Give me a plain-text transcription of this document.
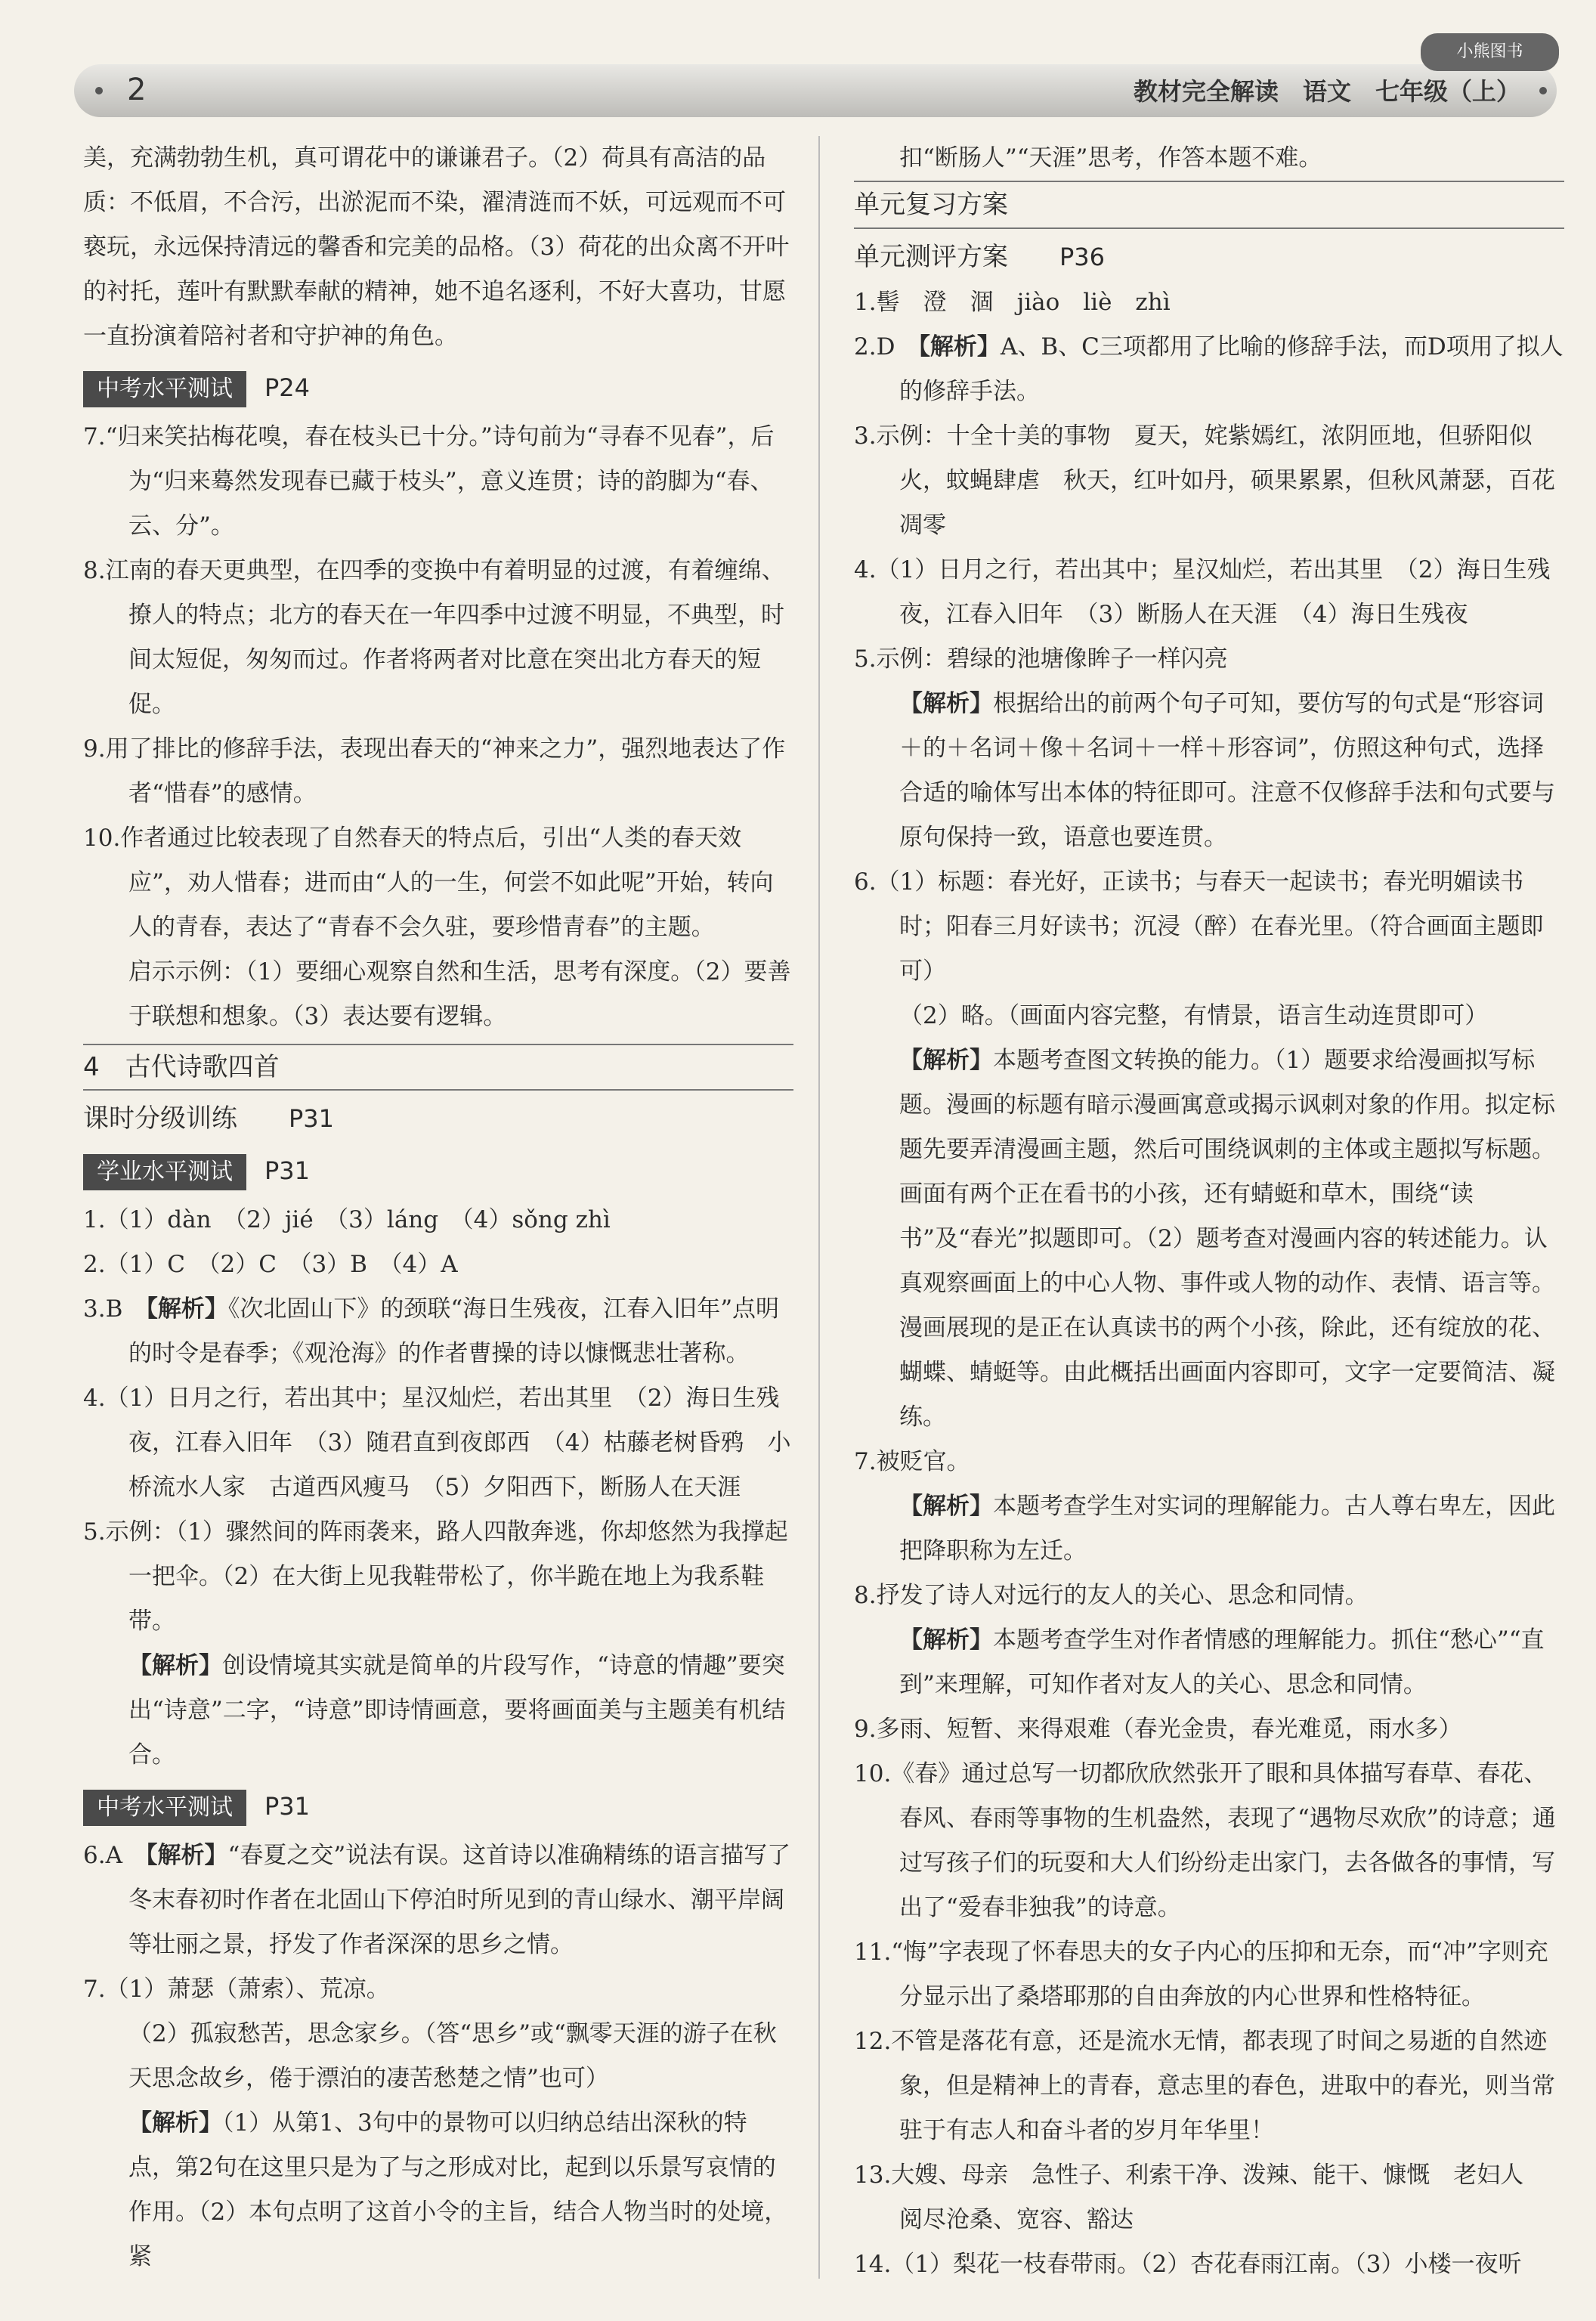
2	教材完全解读　语文　七年级（上）
小熊图书

美，充满勃勃生机，真可谓花中的谦谦君子。（2）荷具有高洁的品质：不低眉，不合污，出淤泥而不染，濯清涟而不妖，可远观而不可亵玩，永远保持清远的馨香和完美的品格。（3）荷花的出众离不开叶的衬托，莲叶有默默奉献的精神，她不追名逐利，不好大喜功，甘愿一直扮演着陪衬者和守护神的角色。

中考水平测试 P24

7.“归来笑拈梅花嗅，春在枝头已十分。”诗句前为“寻春不见春”，后为“归来蓦然发现春已藏于枝头”，意义连贯；诗的韵脚为“春、云、分”。

8.江南的春天更典型，在四季的变换中有着明显的过渡，有着缠绵、撩人的特点；北方的春天在一年四季中过渡不明显，不典型，时间太短促，匆匆而过。作者将两者对比意在突出北方春天的短促。

9.用了排比的修辞手法，表现出春天的“神来之力”，强烈地表达了作者“惜春”的感情。

10.作者通过比较表现了自然春天的特点后，引出“人类的春天效应”，劝人惜春；进而由“人的一生，何尝不如此呢”开始，转向人的青春，表达了“青春不会久驻，要珍惜青春”的主题。

启示示例：（1）要细心观察自然和生活，思考有深度。（2）要善于联想和想象。（3）表达要有逻辑。

4　古代诗歌四首
课时分级训练　　 P31
学业水平测试 P31

1.（1）dàn　（2）jié　（3）láng　（4）sǒng zhì

2.（1）C　（2）C　（3）B　（4）A

3.B　【解析】《次北固山下》的颈联“海日生残夜，江春入旧年”点明的时令是春季；《观沧海》的作者曹操的诗以慷慨悲壮著称。

4.（1）日月之行，若出其中；星汉灿烂，若出其里　（2）海日生残夜，江春入旧年　（3）随君直到夜郎西　（4）枯藤老树昏鸦　小桥流水人家　古道西风瘦马　（5）夕阳西下，断肠人在天涯

5.示例：（1）骤然间的阵雨袭来，路人四散奔逃，你却悠然为我撑起一把伞。（2）在大街上见我鞋带松了，你半跪在地上为我系鞋带。

【解析】创设情境其实就是简单的片段写作，“诗意的情趣”要突出“诗意”二字，“诗意”即诗情画意，要将画面美与主题美有机结合。

中考水平测试 P31

6.A　【解析】“春夏之交”说法有误。这首诗以准确精练的语言描写了冬末春初时作者在北固山下停泊时所见到的青山绿水、潮平岸阔等壮丽之景，抒发了作者深深的思乡之情。

7.（1）萧瑟（萧索）、荒凉。

（2）孤寂愁苦，思念家乡。（答“思乡”或“飘零天涯的游子在秋天思念故乡，倦于漂泊的凄苦愁楚之情”也可）

【解析】（1）从第1、3句中的景物可以归纳总结出深秋的特点，第2句在这里只是为了与之形成对比，起到以乐景写哀情的作用。（2）本句点明了这首小令的主旨，结合人物当时的处境，紧

扣“断肠人”“天涯”思考，作答本题不难。

单元复习方案
单元测评方案　　 P36

1.髻　澄　涸　jiào　liè　zhì

2.D　【解析】A、B、C三项都用了比喻的修辞手法，而D项用了拟人的修辞手法。

3.示例：十全十美的事物　夏天，姹紫嫣红，浓阴匝地，但骄阳似火，蚊蝇肆虐　秋天，红叶如丹，硕果累累，但秋风萧瑟，百花凋零

4.（1）日月之行，若出其中；星汉灿烂，若出其里　（2）海日生残夜，江春入旧年　（3）断肠人在天涯　（4）海日生残夜

5.示例：碧绿的池塘像眸子一样闪亮

【解析】根据给出的前两个句子可知，要仿写的句式是“形容词＋的＋名词＋像＋名词＋一样＋形容词”，仿照这种句式，选择合适的喻体写出本体的特征即可。注意不仅修辞手法和句式要与原句保持一致，语意也要连贯。

6.（1）标题：春光好，正读书；与春天一起读书；春光明媚读书时；阳春三月好读书；沉浸（醉）在春光里。（符合画面主题即可）

（2）略。（画面内容完整，有情景，语言生动连贯即可）

【解析】本题考查图文转换的能力。（1）题要求给漫画拟写标题。漫画的标题有暗示漫画寓意或揭示讽刺对象的作用。拟定标题先要弄清漫画主题，然后可围绕讽刺的主体或主题拟写标题。画面有两个正在看书的小孩，还有蜻蜓和草木，围绕“读书”及“春光”拟题即可。（2）题考查对漫画内容的转述能力。认真观察画面上的中心人物、事件或人物的动作、表情、语言等。漫画展现的是正在认真读书的两个小孩，除此，还有绽放的花、蝴蝶、蜻蜓等。由此概括出画面内容即可，文字一定要简洁、凝练。

7.被贬官。

【解析】本题考查学生对实词的理解能力。古人尊右卑左，因此把降职称为左迁。

8.抒发了诗人对远行的友人的关心、思念和同情。

【解析】本题考查学生对作者情感的理解能力。抓住“愁心”“直到”来理解，可知作者对友人的关心、思念和同情。

9.多雨、短暂、来得艰难（春光金贵，春光难觅，雨水多）

10.《春》通过总写一切都欣欣然张开了眼和具体描写春草、春花、春风、春雨等事物的生机盎然，表现了“遇物尽欢欣”的诗意；通过写孩子们的玩耍和大人们纷纷走出家门，去各做各的事情，写出了“爱春非独我”的诗意。

11.“悔”字表现了怀春思夫的女子内心的压抑和无奈，而“冲”字则充分显示出了桑塔耶那的自由奔放的内心世界和性格特征。

12.不管是落花有意，还是流水无情，都表现了时间之易逝的自然迹象，但是精神上的青春，意志里的春色，进取中的春光，则当常驻于有志人和奋斗者的岁月年华里！

13.大嫂、母亲　急性子、利索干净、泼辣、能干、慷慨　老妇人　阅尽沧桑、宽容、豁达

14.（1）梨花一枝春带雨。（2）杏花春雨江南。（3）小楼一夜听
